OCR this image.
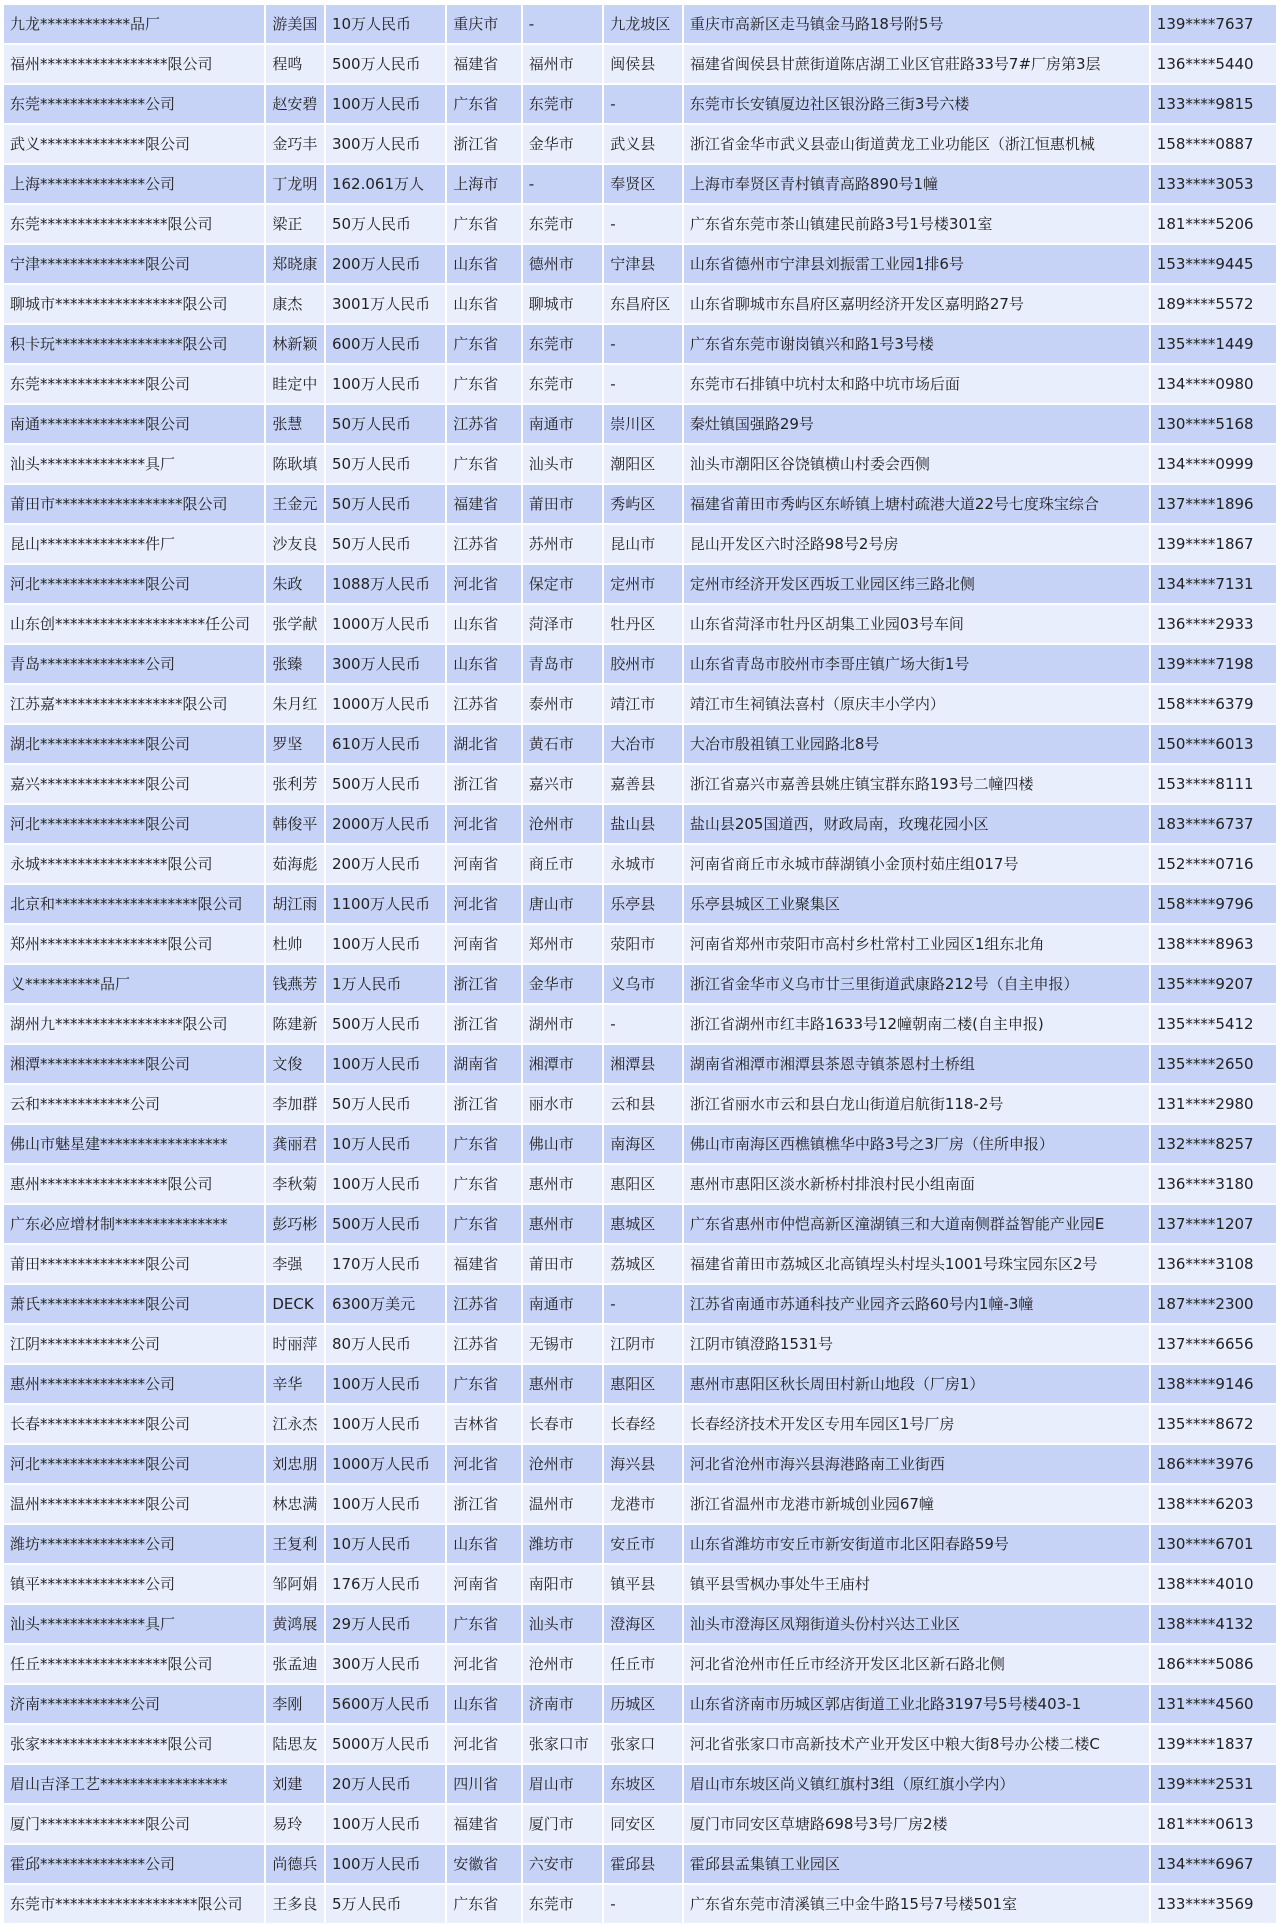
九龙************品厂	游美国 10万人民币	重庆市	-	九龙坡区	重庆市高新区走马镇金马路18号附5号	139****7637
福州*****************限公司	程鸣	500万人民币	福建省	福州市	闽侯县	福建省闽侯县甘蔗街道陈店湖工业区官莊路33号7#厂房第3层	136****5440
东莞**************公司	赵安碧 100万人民币	广东省	东莞市	-	东莞市长安镇厦边社区银汾路三街3号六楼	133****9815
武义**************限公司	金巧丰 300万人民币	浙江省	金华市	武义县	浙江省金华市武义县壶山街道黄龙工业功能区（浙江恒惠机械	158****0887
上海**************公司	丁龙明 162.061万人	上海市	-	奉贤区	上海市奉贤区青村镇青高路890号1幢	133****3053
东莞*****************限公司	梁正	50万人民币	广东省	东莞市	-	广东省东莞市茶山镇建民前路3号1号楼301室	181****5206
宁津**************限公司	郑晓康 200万人民币	山东省	德州市	宁津县	山东省德州市宁津县刘振雷工业园1排6号	153****9445
聊城市*****************限公司	康杰	3001万人民币	山东省	聊城市	东昌府区	山东省聊城市东昌府区嘉明经济开发区嘉明路27号	189****5572
积卡玩*****************限公司	林新颖 600万人民币	广东省	东莞市	-	广东省东莞市谢岗镇兴和路1号3号楼	135****1449
东莞**************限公司	眭定中 100万人民币	广东省	东莞市	-	东莞市石排镇中坑村太和路中坑市场后面	134****0980
南通**************限公司	张慧	50万人民币	江苏省	南通市	崇川区	秦灶镇国强路29号	130****5168
汕头**************具厂	陈耿填 50万人民币	广东省	汕头市	潮阳区	汕头市潮阳区谷饶镇横山村委会西侧	134****0999
莆田市*****************限公司	王金元 50万人民币	福建省	莆田市	秀屿区	福建省莆田市秀屿区东峤镇上塘村疏港大道22号七度珠宝综合	137****1896
昆山**************件厂	沙友良 50万人民币	江苏省	苏州市	昆山市	昆山开发区六时泾路98号2号房	139****1867
河北**************限公司	朱政	1088万人民币	河北省	保定市	定州市	定州市经济开发区西坂工业园区纬三路北侧	134****7131
山东创********************任公司	张学献 1000万人民币	山东省	菏泽市	牡丹区	山东省菏泽市牡丹区胡集工业园03号车间	136****2933
青岛**************公司	张臻	300万人民币	山东省	青岛市	胶州市	山东省青岛市胶州市李哥庄镇广场大街1号	139****7198
江苏嘉*****************限公司	朱月红 1000万人民币	江苏省	泰州市	靖江市	靖江市生祠镇法喜村（原庆丰小学内）	158****6379
湖北**************限公司	罗坚	610万人民币	湖北省	黄石市	大冶市	大冶市殷祖镇工业园路北8号	150****6013
嘉兴**************限公司	张利芳 500万人民币	浙江省	嘉兴市	嘉善县	浙江省嘉兴市嘉善县姚庄镇宝群东路193号二幢四楼	153****8111
河北**************限公司	韩俊平 2000万人民币	河北省	沧州市	盐山县	盐山县205国道西，财政局南，玫瑰花园小区	183****6737
永城*****************限公司	茹海彪 200万人民币	河南省	商丘市	永城市	河南省商丘市永城市薛湖镇小金顶村茹庄组017号	152****0716
北京和*******************限公司	胡江雨 1100万人民币	河北省	唐山市	乐亭县	乐亭县城区工业聚集区	158****9796
郑州*****************限公司	杜帅	100万人民币	河南省	郑州市	荥阳市	河南省郑州市荥阳市高村乡杜常村工业园区1组东北角	138****8963
义**********品厂	钱燕芳 1万人民币	浙江省	金华市	义乌市	浙江省金华市义乌市廿三里街道武康路212号（自主申报）	135****9207
湖州九*****************限公司	陈建新 500万人民币	浙江省	湖州市	-	浙江省湖州市红丰路1633号12幢朝南二楼(自主申报)	135****5412
湘潭**************限公司	文俊	100万人民币	湖南省	湘潭市	湘潭县	湖南省湘潭市湘潭县茶恩寺镇茶恩村土桥组	135****2650
云和************公司	李加群 50万人民币	浙江省	丽水市	云和县	浙江省丽水市云和县白龙山街道启航街118-2号	131****2980
佛山市魅星建*****************	龚丽君 10万人民币	广东省	佛山市	南海区	佛山市南海区西樵镇樵华中路3号之3厂房（住所申报）	132****8257
惠州*****************限公司	李秋菊 100万人民币	广东省	惠州市	惠阳区	惠州市惠阳区淡水新桥村排浪村民小组南面	136****3180
广东必应增材制***************	彭巧彬 500万人民币	广东省	惠州市	惠城区	广东省惠州市仲恺高新区潼湖镇三和大道南侧群益智能产业园E	137****1207
莆田**************限公司	李强	170万人民币	福建省	莆田市	荔城区	福建省莆田市荔城区北高镇埕头村埕头1001号珠宝园东区2号	136****3108
萧氏**************限公司	DECK	6300万美元	江苏省	南通市	-	江苏省南通市苏通科技产业园齐云路60号内1幢-3幢	187****2300
江阴************公司	时丽萍 80万人民币	江苏省	无锡市	江阴市	江阴市镇澄路1531号	137****6656
惠州**************公司	辛华	100万人民币	广东省	惠州市	惠阳区	惠州市惠阳区秋长周田村新山地段（厂房1）	138****9146
长春**************限公司	江永杰 100万人民币	吉林省	长春市	长春经	长春经济技术开发区专用车园区1号厂房	135****8672
河北**************限公司	刘忠朋 1000万人民币	河北省	沧州市	海兴县	河北省沧州市海兴县海港路南工业街西	186****3976
温州**************限公司	林忠满 100万人民币	浙江省	温州市	龙港市	浙江省温州市龙港市新城创业园67幢	138****6203
潍坊**************公司	王复利 10万人民币	山东省	潍坊市	安丘市	山东省潍坊市安丘市新安街道市北区阳春路59号	130****6701
镇平**************公司	邹阿娟 176万人民币	河南省	南阳市	镇平县	镇平县雪枫办事处牛王庙村	138****4010
汕头**************具厂	黄鸿展 29万人民币	广东省	汕头市	澄海区	汕头市澄海区凤翔街道头份村兴达工业区	138****4132
任丘*****************限公司	张孟迪 300万人民币	河北省	沧州市	任丘市	河北省沧州市任丘市经济开发区北区新石路北侧	186****5086
济南************公司	李刚	5600万人民币	山东省	济南市	历城区	山东省济南市历城区郭店街道工业北路3197号5号楼403-1	131****4560
张家*****************限公司	陆思友 5000万人民币	河北省	张家口市	张家口	河北省张家口市高新技术产业开发区中粮大街8号办公楼二楼C	139****1837
眉山吉泽工艺*****************	刘建	20万人民币	四川省	眉山市	东坡区	眉山市东坡区尚义镇红旗村3组（原红旗小学内）	139****2531
厦门**************限公司	易玲	100万人民币	福建省	厦门市	同安区	厦门市同安区草塘路698号3号厂房2楼	181****0613
霍邱**************公司	尚德兵 100万人民币	安徽省	六安市	霍邱县	霍邱县孟集镇工业园区	134****6967
东莞市*******************限公司	王多良 5万人民币	广东省	东莞市	-	广东省东莞市清溪镇三中金牛路15号7号楼501室	133****3569
